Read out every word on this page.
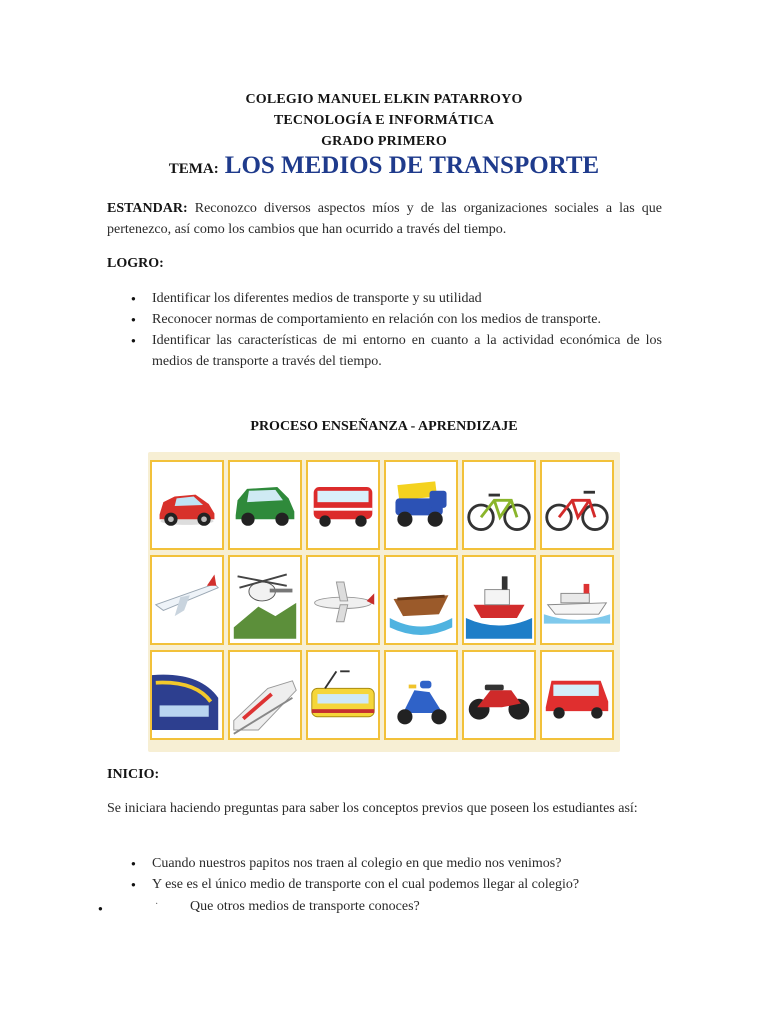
COLEGIO MANUEL ELKIN PATARROYO
TECNOLOGÍA E INFORMÁTICA
GRADO PRIMERO
TEMA: LOS MEDIOS DE TRANSPORTE
ESTANDAR: Reconozco diversos aspectos míos y de las organizaciones sociales a las que pertenezco, así como los cambios que han ocurrido a través del tiempo.
LOGRO:
● Identificar los diferentes medios de transporte y su utilidad
● Reconocer normas de comportamiento en relación con los medios de transporte.
● Identificar las características de mi entorno en cuanto a la actividad económica de los medios de transporte a través del tiempo.
PROCESO ENSEÑANZA - APRENDIZAJE
INICIO:
Se iniciara haciendo preguntas para saber los conceptos previos que poseen los estudiantes así:
● Cuando nuestros papitos nos traen al colegio en que medio nos venimos?
● Y ese es el único medio de transporte con el cual podemos llegar al colegio?
●	· Que otros medios de transporte conoces?
